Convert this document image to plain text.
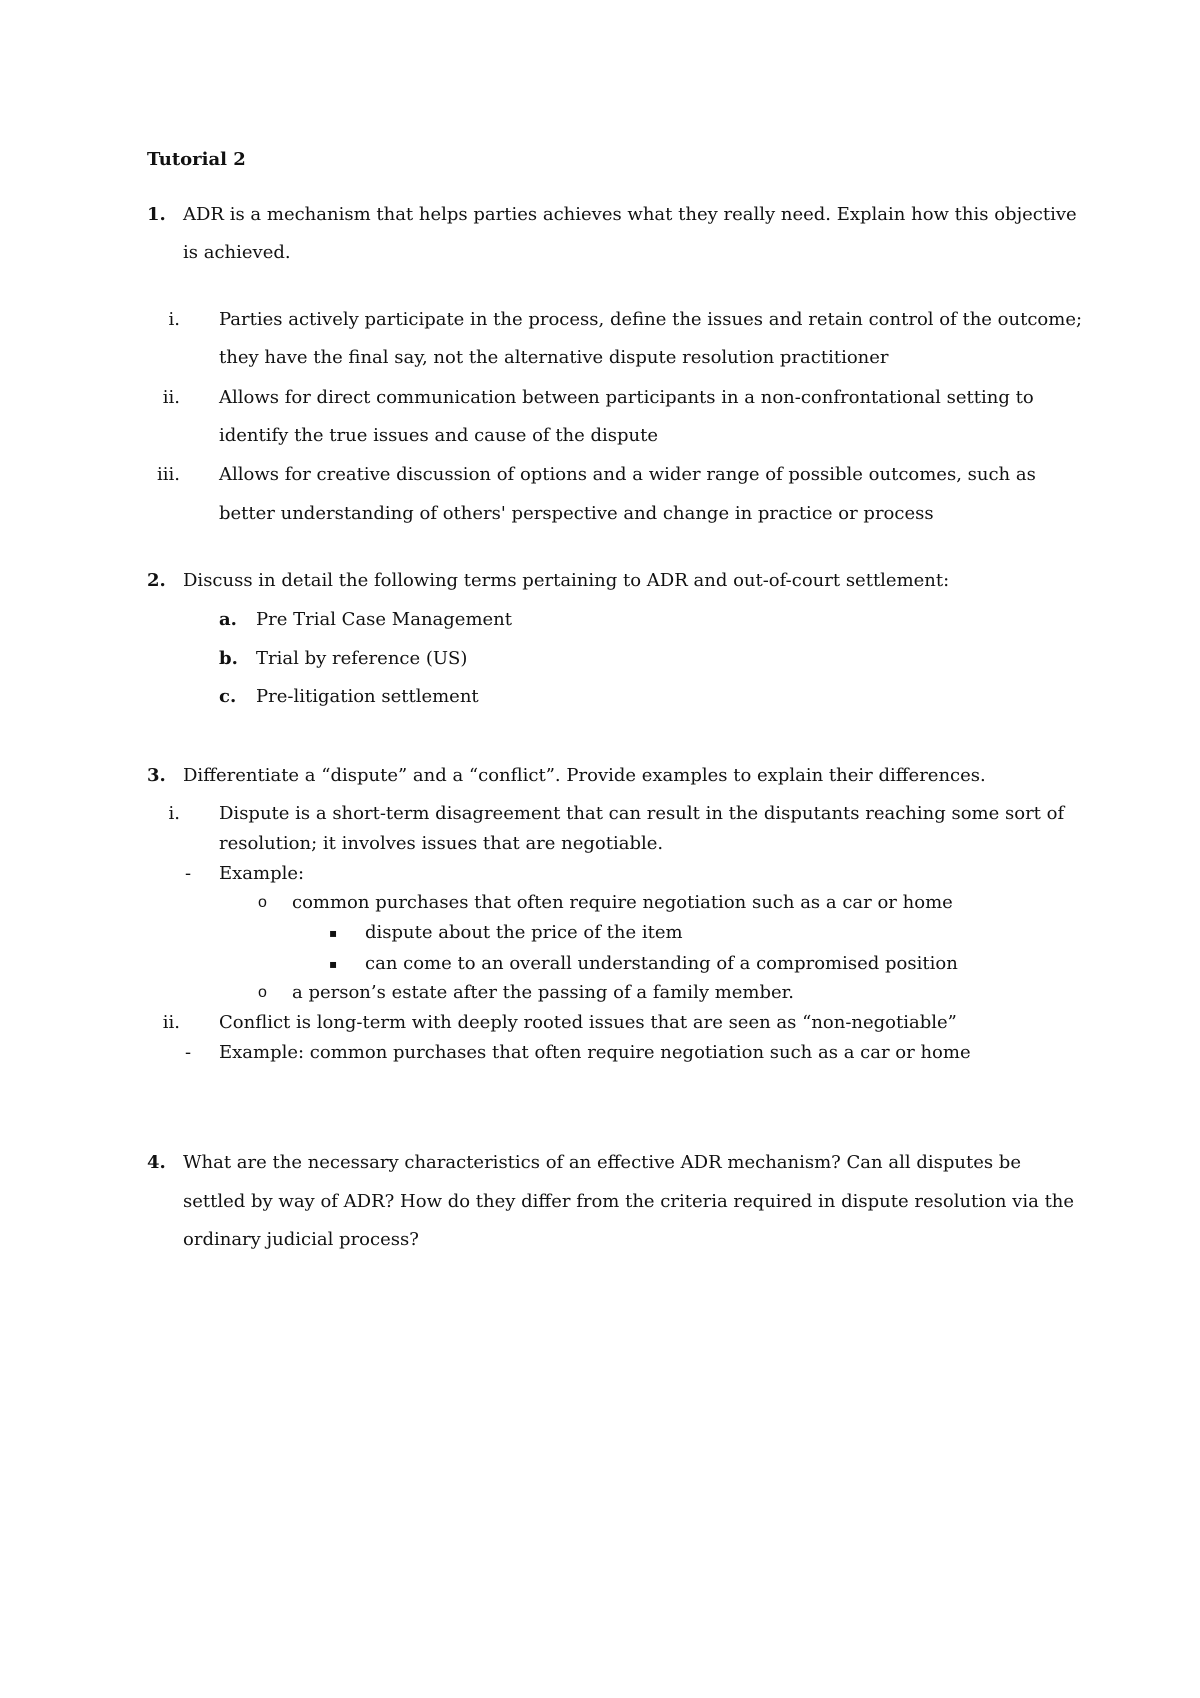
Tutorial 2
1. ADR is a mechanism that helps parties achieves what they really need. Explain how this objective
is achieved.
i. Parties actively participate in the process, define the issues and retain control of the outcome;
they have the final say, not the alternative dispute resolution practitioner
ii. Allows for direct communication between participants in a non-confrontational setting to
identify the true issues and cause of the dispute
iii. Allows for creative discussion of options and a wider range of possible outcomes, such as
better understanding of others' perspective and change in practice or process
2. Discuss in detail the following terms pertaining to ADR and out-of-court settlement:
a. Pre Trial Case Management
b. Trial by reference (US)
c. Pre-litigation settlement
3. Differentiate a “dispute” and a “conflict”. Provide examples to explain their differences.
i. Dispute is a short-term disagreement that can result in the disputants reaching some sort of
resolution; it involves issues that are negotiable.
- Example:
o common purchases that often require negotiation such as a car or home
▪ dispute about the price of the item
▪ can come to an overall understanding of a compromised position
o a person’s estate after the passing of a family member.
ii. Conflict is long-term with deeply rooted issues that are seen as “non-negotiable”
- Example: common purchases that often require negotiation such as a car or home
4. What are the necessary characteristics of an effective ADR mechanism? Can all disputes be
settled by way of ADR? How do they differ from the criteria required in dispute resolution via the
ordinary judicial process?
